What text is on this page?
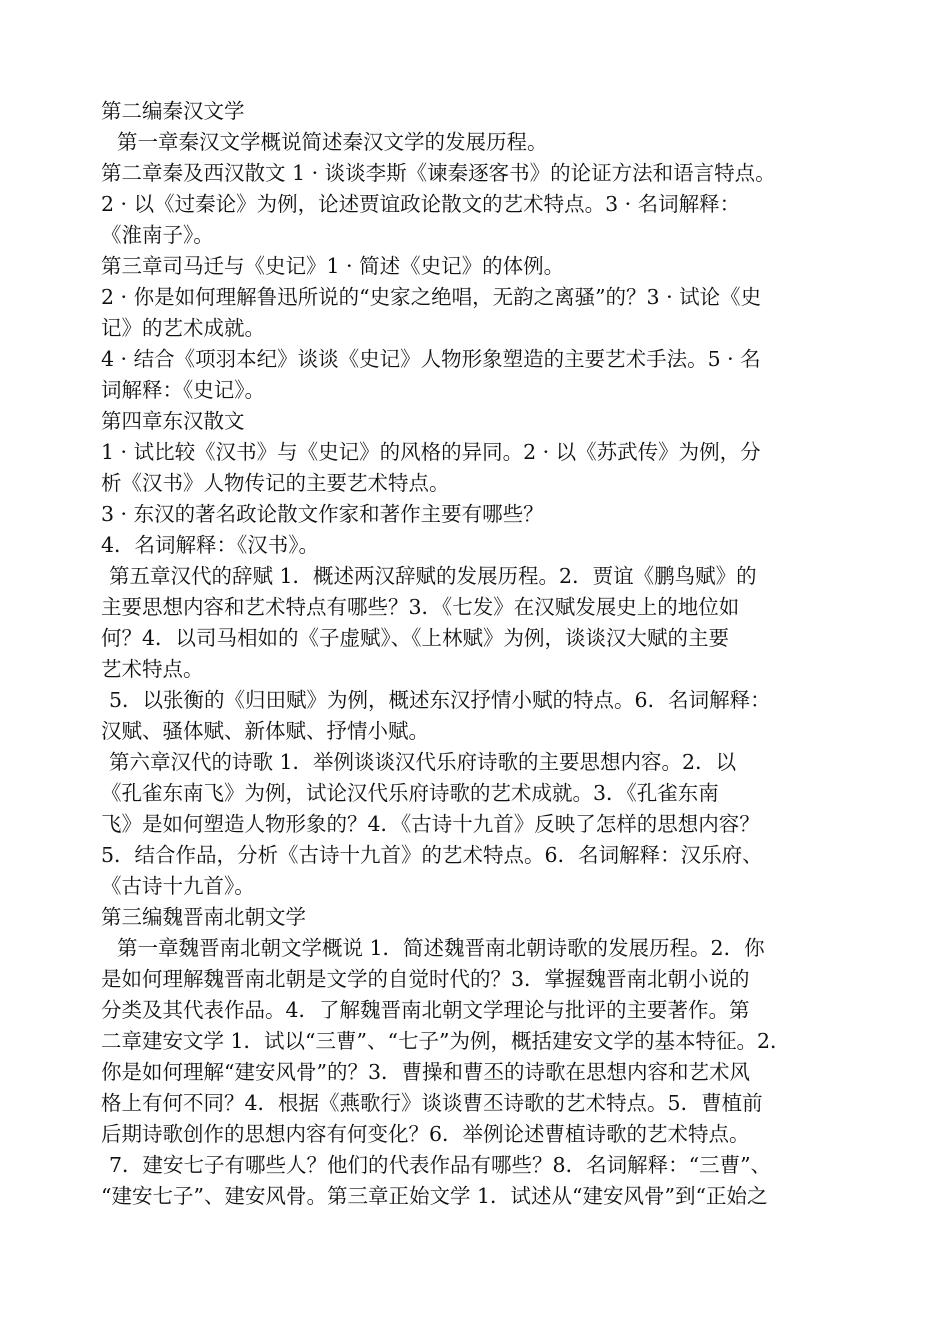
第二编秦汉文学
第一章秦汉文学概说简述秦汉文学的发展历程。
第二章秦及西汉散文 1 · 谈谈李斯《谏秦逐客书》的论证方法和语言特点。
2 · 以《过秦论》为例，论述贾谊政论散文的艺术特点。3 · 名词解释：
《淮南子》。
第三章司马迁与《史记》1 · 简述《史记》的体例。
2 · 你是如何理解鲁迅所说的“史家之绝唱，无韵之离骚”的？3 · 试论《史
记》的艺术成就。
4 · 结合《项羽本纪》谈谈《史记》人物形象塑造的主要艺术手法。5 · 名
词解释：《史记》。
第四章东汉散文
1 · 试比较《汉书》与《史记》的风格的异同。2 · 以《苏武传》为例，分
析《汉书》人物传记的主要艺术特点。
3 · 东汉的著名政论散文作家和著作主要有哪些？
4．名词解释：《汉书》。
第五章汉代的辞赋 1．概述两汉辞赋的发展历程。2．贾谊《鹏鸟赋》的
主要思想内容和艺术特点有哪些？3．《七发》在汉赋发展史上的地位如
何？4．以司马相如的《子虚赋》、《上林赋》为例，谈谈汉大赋的主要
艺术特点。
5．以张衡的《归田赋》为例，概述东汉抒情小赋的特点。6．名词解释：
汉赋、骚体赋、新体赋、抒情小赋。
第六章汉代的诗歌 1．举例谈谈汉代乐府诗歌的主要思想内容。2．以
《孔雀东南飞》为例，试论汉代乐府诗歌的艺术成就。3．《孔雀东南
飞》是如何塑造人物形象的？4．《古诗十九首》反映了怎样的思想内容？
5．结合作品，分析《古诗十九首》的艺术特点。6．名词解释：汉乐府、
《古诗十九首》。
第三编魏晋南北朝文学
第一章魏晋南北朝文学概说 1．简述魏晋南北朝诗歌的发展历程。2．你
是如何理解魏晋南北朝是文学的自觉时代的？3．掌握魏晋南北朝小说的
分类及其代表作品。4．了解魏晋南北朝文学理论与批评的主要著作。第
二章建安文学 1．试以“三曹”、“七子”为例，概括建安文学的基本特征。2．
你是如何理解“建安风骨”的？3．曹操和曹丕的诗歌在思想内容和艺术风
格上有何不同？4．根据《燕歌行》谈谈曹丕诗歌的艺术特点。5．曹植前
后期诗歌创作的思想内容有何变化？6．举例论述曹植诗歌的艺术特点。
7．建安七子有哪些人？他们的代表作品有哪些？8．名词解释：“三曹”、
“建安七子”、建安风骨。第三章正始文学 1．试述从“建安风骨”到“正始之
